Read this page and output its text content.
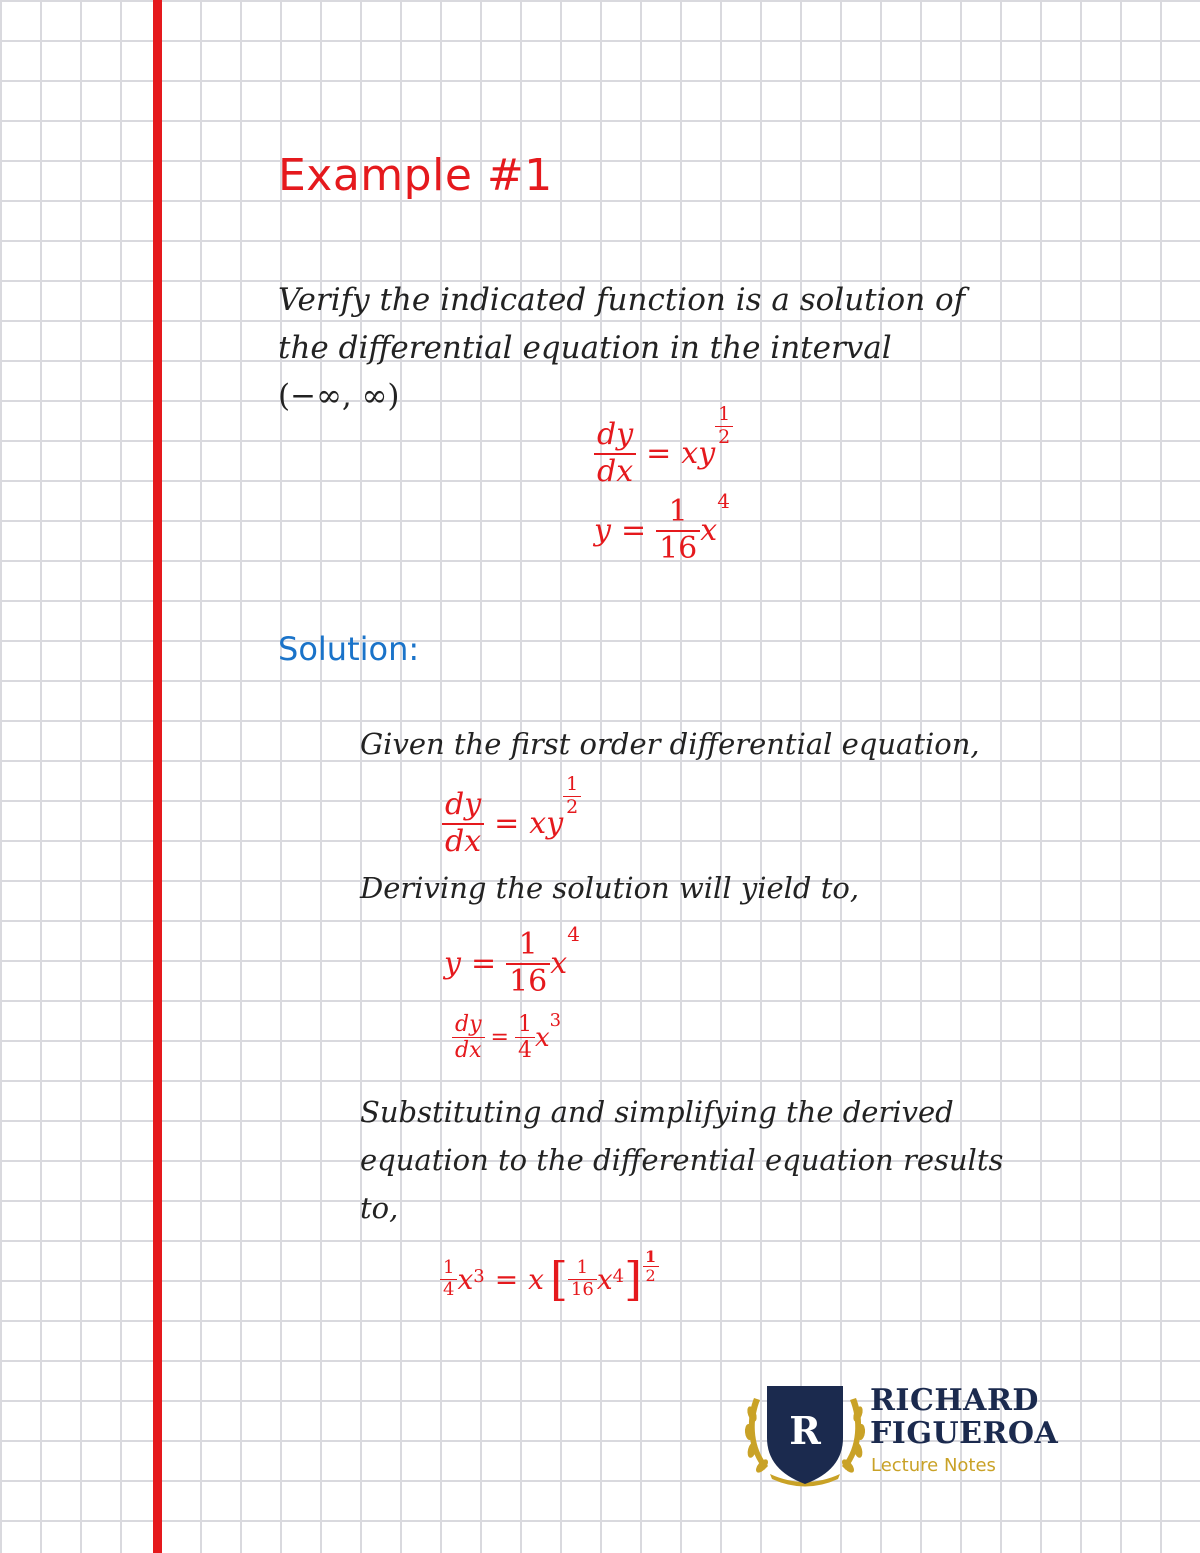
Example #1
Verify the indicated function is a solution of
the differential equation in the interval
(−∞, ∞)
$\frac{dy}{dx}$ = xy
$\frac{1}{2}$
$y = \frac{1}{16}$ x
4
Solution:
Given the first order differential equation,
$\frac{dy}{dx}$ = xy
$\frac{1}{2}$
Deriving the solution will yield to,
$y = \frac{1}{16}$ x
4
$\frac{dy}{dx} = \frac{1}{4}$ x
3
Substituting and simplifying the derived
equation to the differential equation results
to,
$\frac{1}{4}$ x 3 = x [ $\frac{1}{16}$ x 4 ] $\frac{1}{2}$
R
RICHARD
FIGUEROA
Lecture Notes
